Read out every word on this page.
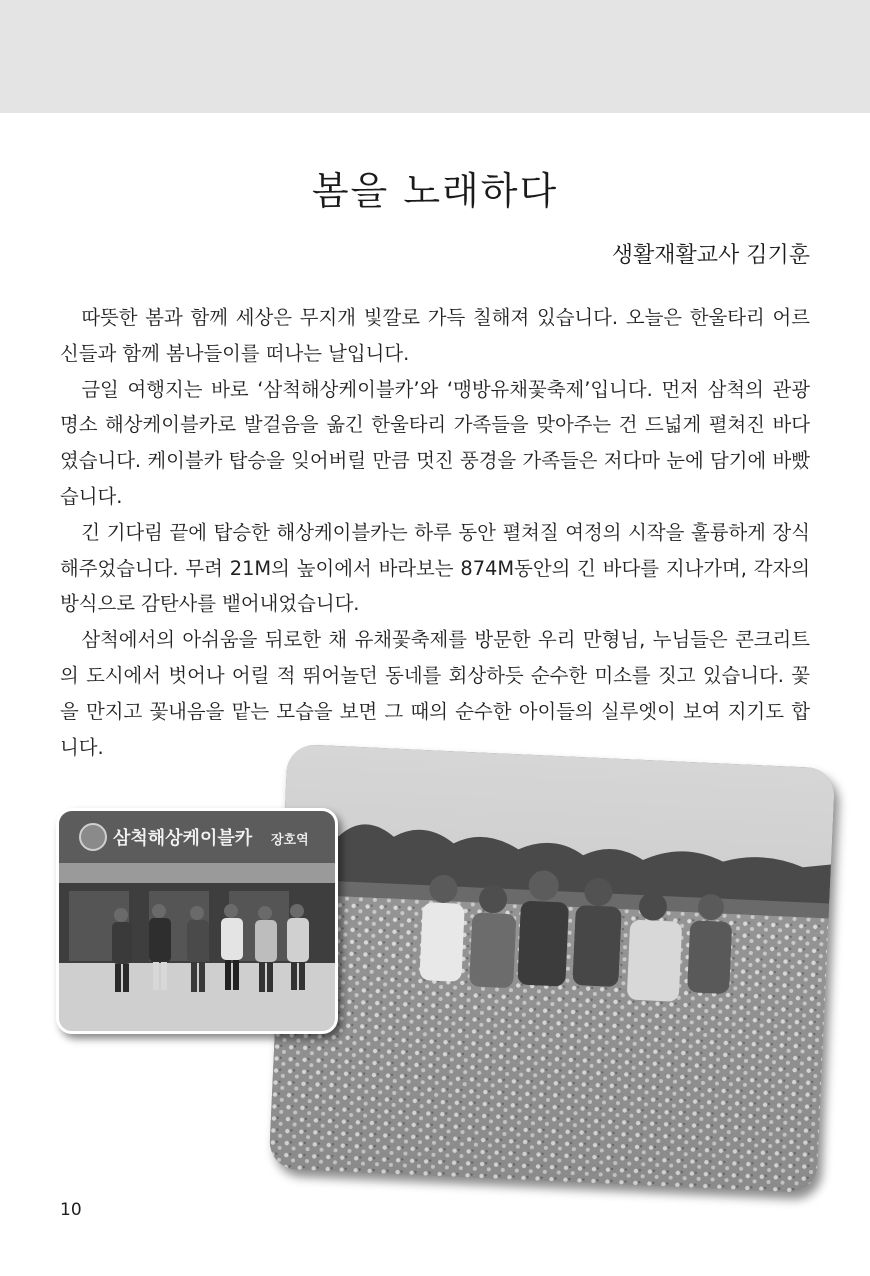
봄을 노래하다
생활재활교사 김기훈

따뜻한 봄과 함께 세상은 무지개 빛깔로 가득 칠해져 있습니다. 오늘은 한울타리 어르신들과 함께 봄나들이를 떠나는 날입니다.

금일 여행지는 바로 ‘삼척해상케이블카’와 ‘맹방유채꽃축제’입니다. 먼저 삼척의 관광명소 해상케이블카로 발걸음을 옮긴 한울타리 가족들을 맞아주는 건 드넓게 펼쳐진 바다였습니다. 케이블카 탑승을 잊어버릴 만큼 멋진 풍경을 가족들은 저다마 눈에 담기에 바빴습니다.

긴 기다림 끝에 탑승한 해상케이블카는 하루 동안 펼쳐질 여정의 시작을 훌륭하게 장식해주었습니다. 무려 21M의 높이에서 바라보는 874M동안의 긴 바다를 지나가며, 각자의 방식으로 감탄사를 뱉어내었습니다.

삼척에서의 아쉬움을 뒤로한 채 유채꽃축제를 방문한 우리 만형님, 누님들은 콘크리트의 도시에서 벗어나 어릴 적 뛰어놀던 동네를 회상하듯 순수한 미소를 짓고 있습니다. 꽃을 만지고 꽃내음을 맡는 모습을 보면 그 때의 순수한 아이들의 실루엣이 보여 지기도 합니다.

삼척해상케이블카 장호역
10
